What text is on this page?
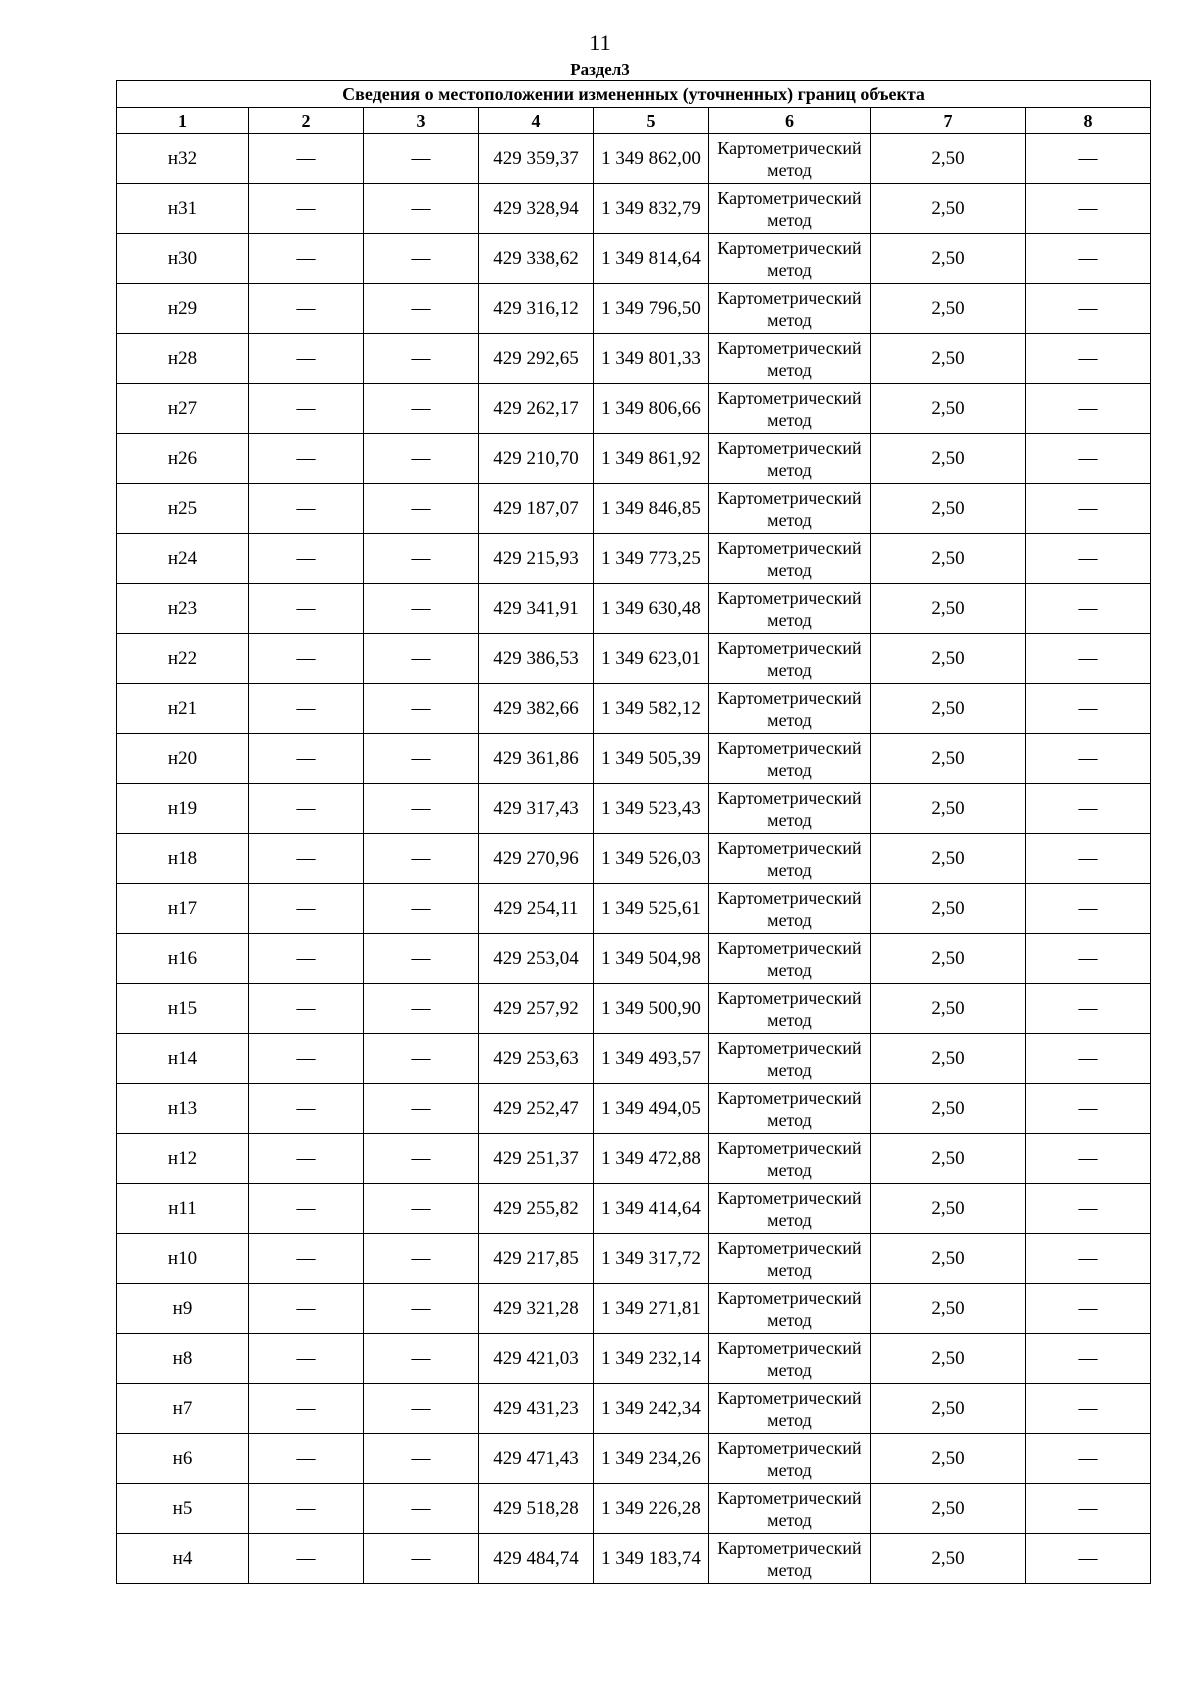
11
Раздел3
Сведения о местоположении измененных (уточненных) границ объекта							
1	2	3	4	5	6	7	8
н32	—	—	429 359,37	1 349 862,00	Картометрический метод	2,50	—
н31	—	—	429 328,94	1 349 832,79	Картометрический метод	2,50	—
н30	—	—	429 338,62	1 349 814,64	Картометрический метод	2,50	—
н29	—	—	429 316,12	1 349 796,50	Картометрический метод	2,50	—
н28	—	—	429 292,65	1 349 801,33	Картометрический метод	2,50	—
н27	—	—	429 262,17	1 349 806,66	Картометрический метод	2,50	—
н26	—	—	429 210,70	1 349 861,92	Картометрический метод	2,50	—
н25	—	—	429 187,07	1 349 846,85	Картометрический метод	2,50	—
н24	—	—	429 215,93	1 349 773,25	Картометрический метод	2,50	—
н23	—	—	429 341,91	1 349 630,48	Картометрический метод	2,50	—
н22	—	—	429 386,53	1 349 623,01	Картометрический метод	2,50	—
н21	—	—	429 382,66	1 349 582,12	Картометрический метод	2,50	—
н20	—	—	429 361,86	1 349 505,39	Картометрический метод	2,50	—
н19	—	—	429 317,43	1 349 523,43	Картометрический метод	2,50	—
н18	—	—	429 270,96	1 349 526,03	Картометрический метод	2,50	—
н17	—	—	429 254,11	1 349 525,61	Картометрический метод	2,50	—
н16	—	—	429 253,04	1 349 504,98	Картометрический метод	2,50	—
н15	—	—	429 257,92	1 349 500,90	Картометрический метод	2,50	—
н14	—	—	429 253,63	1 349 493,57	Картометрический метод	2,50	—
н13	—	—	429 252,47	1 349 494,05	Картометрический метод	2,50	—
н12	—	—	429 251,37	1 349 472,88	Картометрический метод	2,50	—
н11	—	—	429 255,82	1 349 414,64	Картометрический метод	2,50	—
н10	—	—	429 217,85	1 349 317,72	Картометрический метод	2,50	—
н9	—	—	429 321,28	1 349 271,81	Картометрический метод	2,50	—
н8	—	—	429 421,03	1 349 232,14	Картометрический метод	2,50	—
н7	—	—	429 431,23	1 349 242,34	Картометрический метод	2,50	—
н6	—	—	429 471,43	1 349 234,26	Картометрический метод	2,50	—
н5	—	—	429 518,28	1 349 226,28	Картометрический метод	2,50	—
н4	—	—	429 484,74	1 349 183,74	Картометрический метод	2,50	—
